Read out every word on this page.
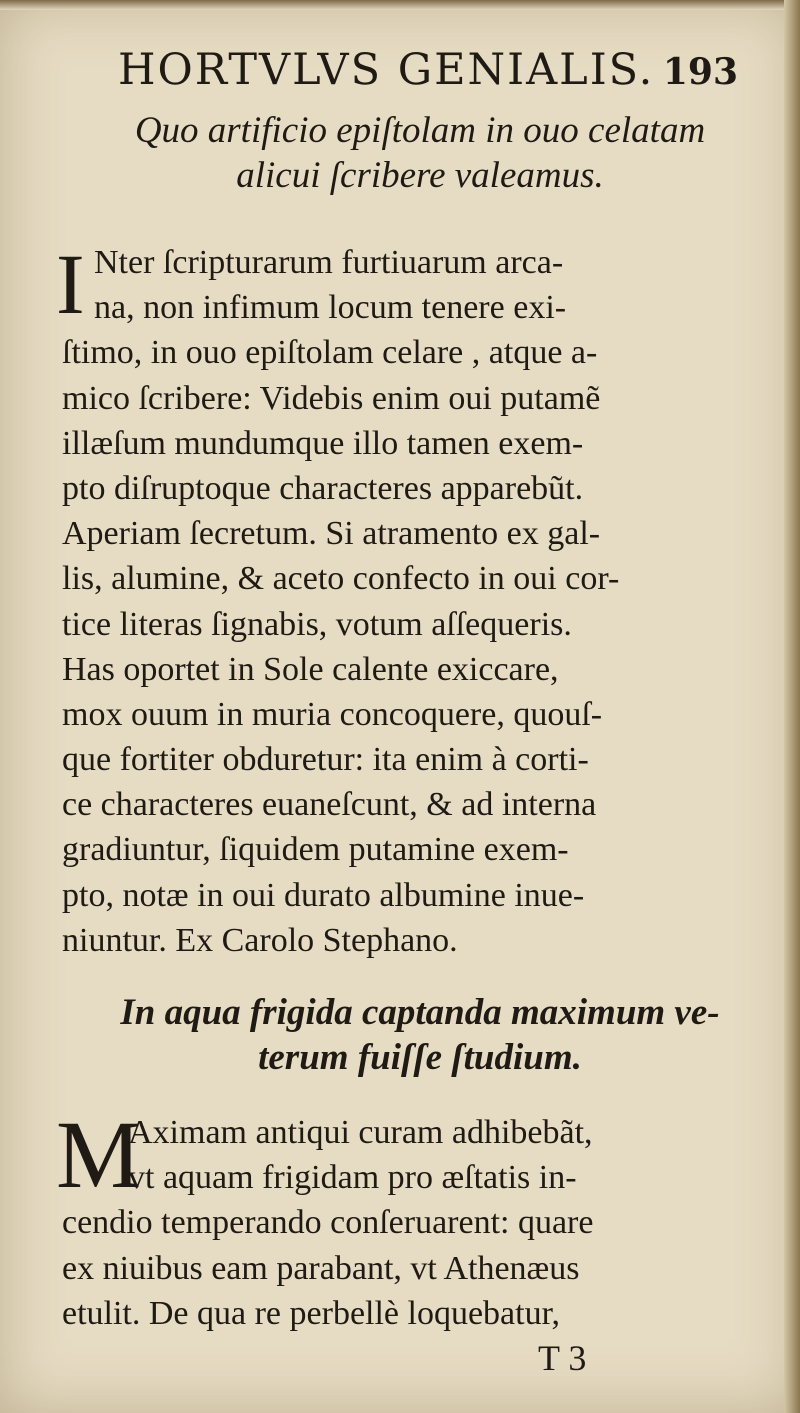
HORTVLVS GENIALIS. 193
Quo artificio epiſtolam in ouo celatam
alicui ſcribere valeamus.
I Nter ſcripturarum furtiuarum arca-
na, non infimum locum tenere exi-
ſtimo, in ouo epiſtolam celare , atque a-
mico ſcribere: Videbis enim oui putamẽ
illæſum mundumque illo tamen exem-
pto diſruptoque characteres apparebũt.
Aperiam ſecretum. Si atramento ex gal-
lis, alumine, & aceto confecto in oui cor-
tice literas ſignabis, votum aſſequeris.
Has oportet in Sole calente exiccare,
mox ouum in muria concoquere, quouſ-
que fortiter obduretur: ita enim à corti-
ce characteres euaneſcunt, & ad interna
gradiuntur, ſiquidem putamine exem-
pto, notæ in oui durato albumine inue-
niuntur. Ex Carolo Stephano.
In aqua frigida captanda maximum ve-
terum fuiſſe ſtudium.
M
Aximam antiqui curam adhibebãt,
vt aquam frigidam pro æſtatis in-
cendio temperando conſeruarent: quare
ex niuibus eam parabant, vt Athenæus
etulit. De qua re perbellè loquebatur,
T 3
